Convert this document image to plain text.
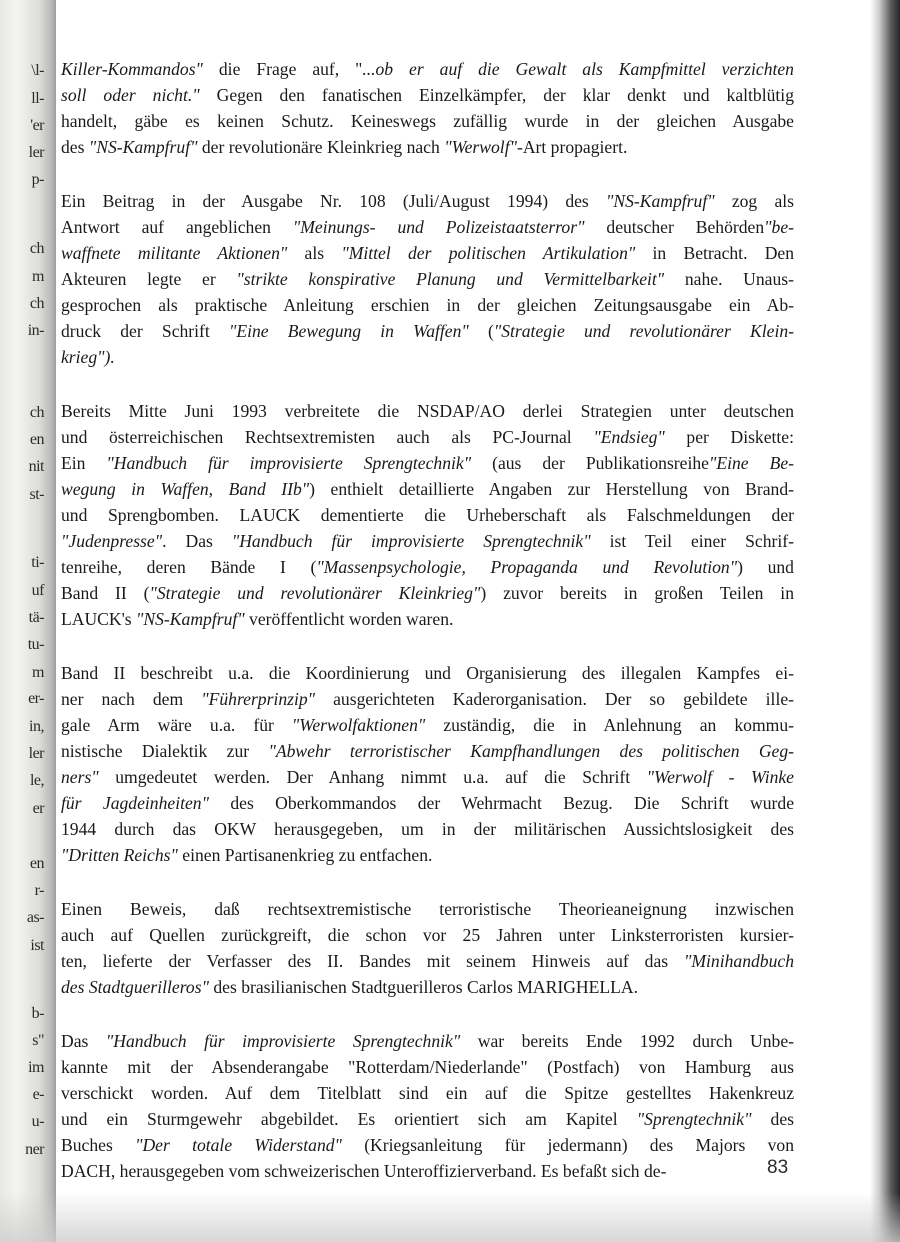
\l-
ll-
'er
ler
p-
ch
m
ch
in-
ch
en
nit
st-
ti-
uf
tä-
tu-
m
er-
in,
ler
le,
er
en
r-
as-
ist
b-
s"
im
e-
u-
ner

Killer-Kommandos" die Frage auf, "...ob er auf die Gewalt als Kampfmittel verzichten
soll oder nicht." Gegen den fanatischen Einzelkämpfer, der klar denkt und kaltblütig
handelt, gäbe es keinen Schutz. Keineswegs zufällig wurde in der gleichen Ausgabe
des "NS-Kampfruf" der revolutionäre Kleinkrieg nach "Werwolf"-Art propagiert.

Ein Beitrag in der Ausgabe Nr. 108 (Juli/August 1994) des "NS-Kampfruf" zog als
Antwort auf angeblichen "Meinungs- und Polizeistaatsterror" deutscher Behörden"be-
waffnete militante Aktionen" als "Mittel der politischen Artikulation" in Betracht. Den
Akteuren legte er "strikte konspirative Planung und Vermittelbarkeit" nahe. Unaus-
gesprochen als praktische Anleitung erschien in der gleichen Zeitungsausgabe ein Ab-
druck der Schrift "Eine Bewegung in Waffen" ("Strategie und revolutionärer Klein-
krieg").

Bereits Mitte Juni 1993 verbreitete die NSDAP/AO derlei Strategien unter deutschen
und österreichischen Rechtsextremisten auch als PC-Journal "Endsieg" per Diskette:
Ein "Handbuch für improvisierte Sprengtechnik" (aus der Publikationsreihe"Eine Be-
wegung in Waffen, Band IIb") enthielt detaillierte Angaben zur Herstellung von Brand-
und Sprengbomben. LAUCK dementierte die Urheberschaft als Falschmeldungen der
"Judenpresse". Das "Handbuch für improvisierte Sprengtechnik" ist Teil einer Schrif-
tenreihe, deren Bände I ("Massenpsychologie, Propaganda und Revolution") und
Band II ("Strategie und revolutionärer Kleinkrieg") zuvor bereits in großen Teilen in
LAUCK's "NS-Kampfruf" veröffentlicht worden waren.

Band II beschreibt u.a. die Koordinierung und Organisierung des illegalen Kampfes ei-
ner nach dem "Führerprinzip" ausgerichteten Kaderorganisation. Der so gebildete ille-
gale Arm wäre u.a. für "Werwolfaktionen" zuständig, die in Anlehnung an kommu-
nistische Dialektik zur "Abwehr terroristischer Kampfhandlungen des politischen Geg-
ners" umgedeutet werden. Der Anhang nimmt u.a. auf die Schrift "Werwolf - Winke
für Jagdeinheiten" des Oberkommandos der Wehrmacht Bezug. Die Schrift wurde
1944 durch das OKW herausgegeben, um in der militärischen Aussichtslosigkeit des
"Dritten Reichs" einen Partisanenkrieg zu entfachen.

Einen Beweis, daß rechtsextremistische terroristische Theorieaneignung inzwischen
auch auf Quellen zurückgreift, die schon vor 25 Jahren unter Linksterroristen kursier-
ten, lieferte der Verfasser des II. Bandes mit seinem Hinweis auf das "Minihandbuch
des Stadtguerilleros" des brasilianischen Stadtguerilleros Carlos MARIGHELLA.

Das "Handbuch für improvisierte Sprengtechnik" war bereits Ende 1992 durch Unbe-
kannte mit der Absenderangabe "Rotterdam/Niederlande" (Postfach) von Hamburg aus
verschickt worden. Auf dem Titelblatt sind ein auf die Spitze gestelltes Hakenkreuz
und ein Sturmgewehr abgebildet. Es orientiert sich am Kapitel "Sprengtechnik" des
Buches "Der totale Widerstand" (Kriegsanleitung für jedermann) des Majors von
DACH, herausgegeben vom schweizerischen Unteroffizierverband. Es befaßt sich de-	83
